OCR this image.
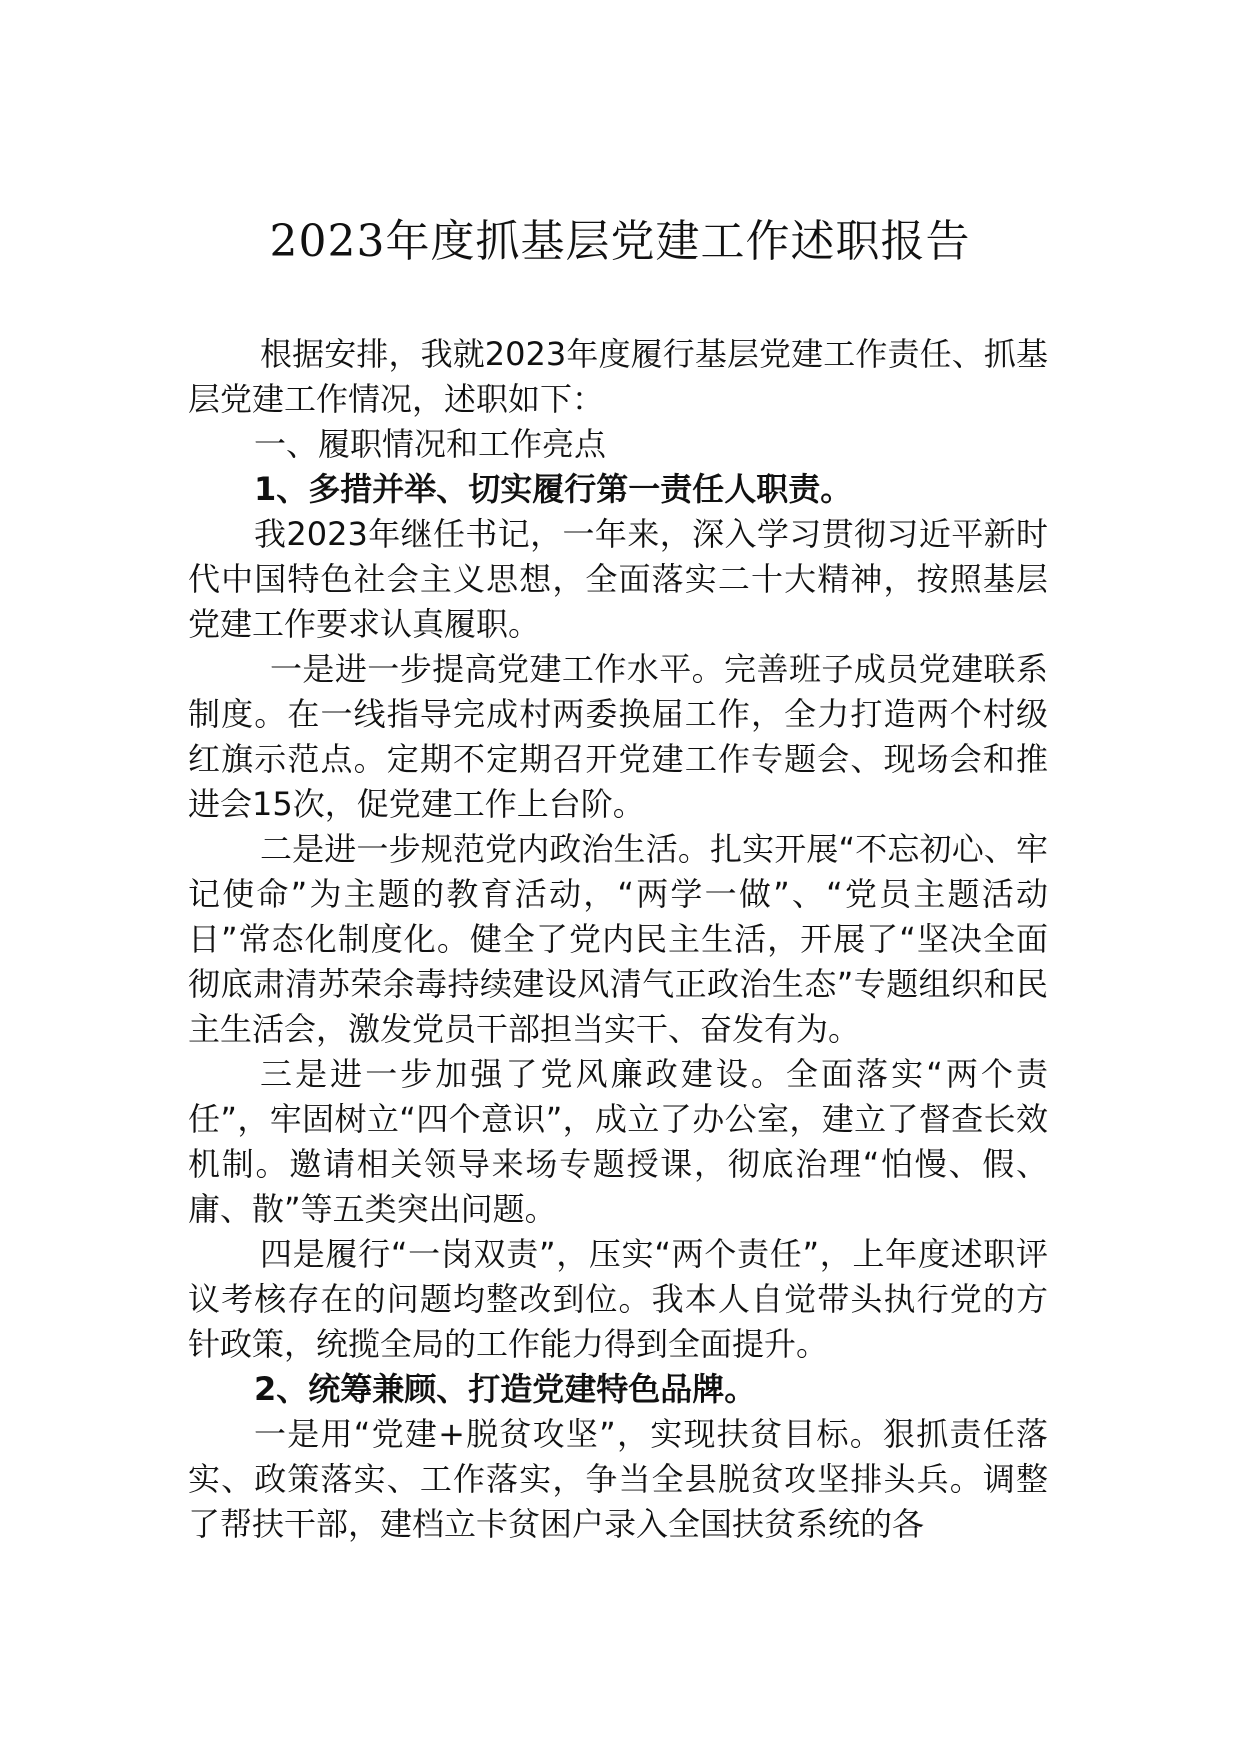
2023年度抓基层党建工作述职报告

根据安排，我就2023年度履行基层党建工作责任、抓基层党建工作情况，述职如下：

一、履职情况和工作亮点

1、多措并举、切实履行第一责任人职责。

我2023年继任书记，一年来，深入学习贯彻习近平新时代中国特色社会主义思想，全面落实二十大精神，按照基层党建工作要求认真履职。

一是进一步提高党建工作水平。完善班子成员党建联系制度。在一线指导完成村两委换届工作，全力打造两个村级红旗示范点。定期不定期召开党建工作专题会、现场会和推进会15次，促党建工作上台阶。

二是进一步规范党内政治生活。扎实开展“不忘初心、牢记使命”为主题的教育活动，“两学一做”、“党员主题活动日”常态化制度化。健全了党内民主生活，开展了“坚决全面彻底肃清苏荣余毒持续建设风清气正政治生态”专题组织和民主生活会，激发党员干部担当实干、奋发有为。

三是进一步加强了党风廉政建设。全面落实“两个责任”，牢固树立“四个意识”，成立了办公室，建立了督查长效机制。邀请相关领导来场专题授课，彻底治理“怕慢、假、庸、散”等五类突出问题。

四是履行“一岗双责”，压实“两个责任”，上年度述职评议考核存在的问题均整改到位。我本人自觉带头执行党的方针政策，统揽全局的工作能力得到全面提升。

2、统筹兼顾、打造党建特色品牌。

一是用“党建+脱贫攻坚”，实现扶贫目标。狠抓责任落实、政策落实、工作落实，争当全县脱贫攻坚排头兵。调整了帮扶干部，建档立卡贫困户录入全国扶贫系统的各
